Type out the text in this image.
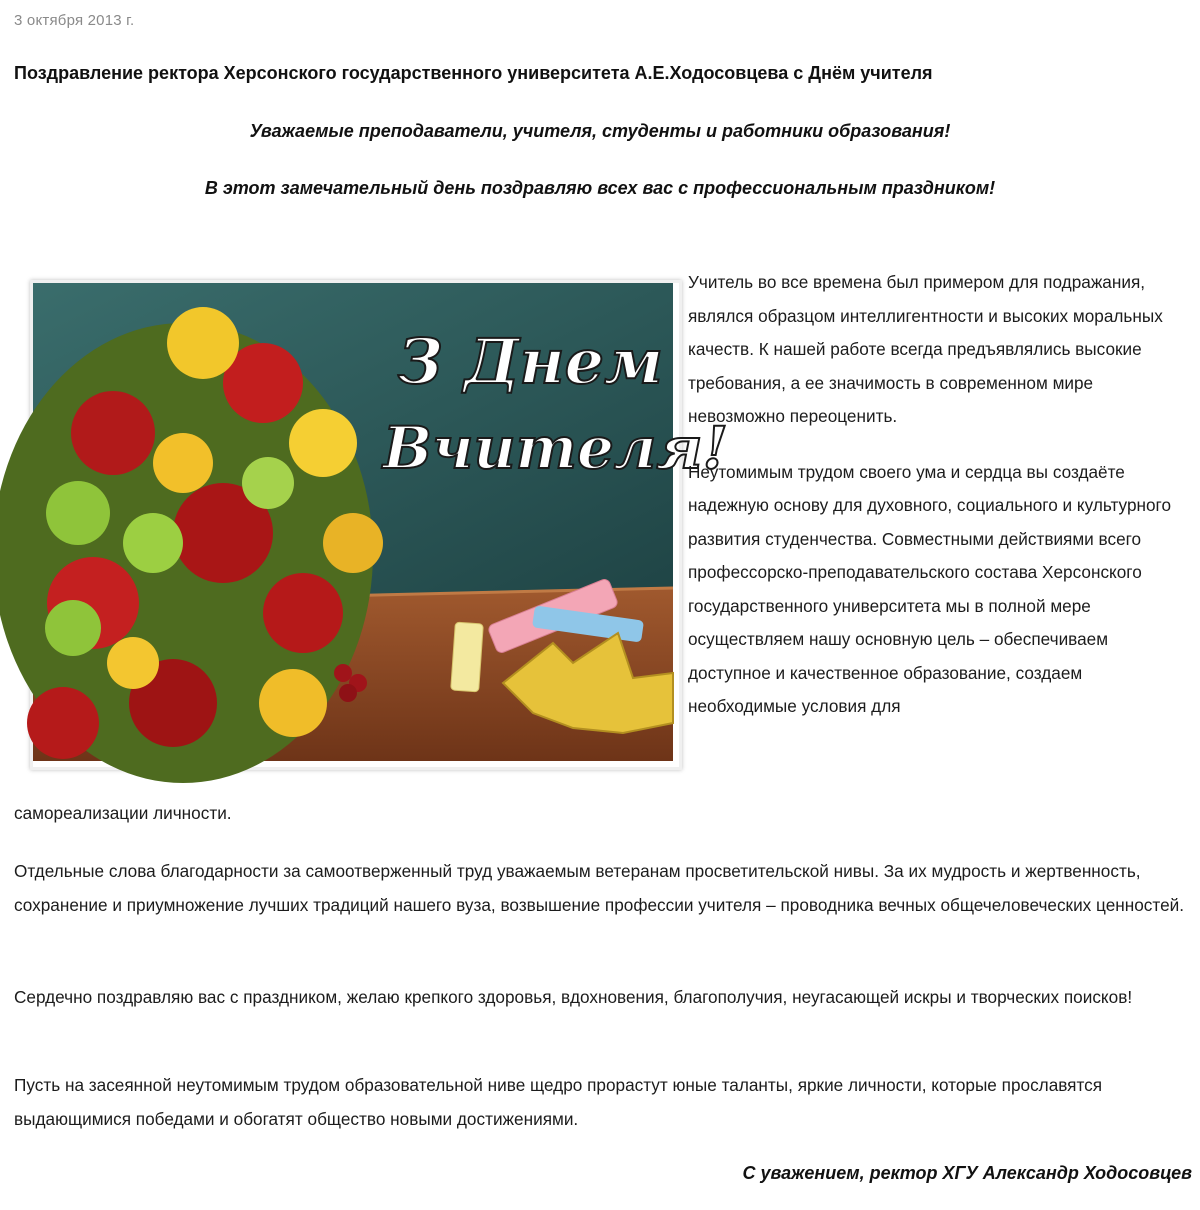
3 октября 2013 г.
Поздравление ректора Херсонского государственного университета А.Е.Ходосовцева с Днём учителя
Уважаемые преподаватели, учителя, студенты и работники образования!
В этот замечательный день поздравляю всех вас с профессиональным праздником!
З Днем
Вчителя!

Учитель во все времена был примером для подражания, являлся образцом интеллигентности и высоких моральных качеств. К нашей работе всегда предъявлялись высокие требования, а ее значимость в современном мире невозможно переоценить.

Неутомимым трудом своего ума и сердца вы создаёте надежную основу для духовного, социального и культурного развития студенчества. Совместными действиями всего профессорско-преподавательского состава Херсонского государственного университета мы в полной мере осуществляем нашу основную цель – обеспечиваем доступное и качественное образование, создаем необходимые условия для

самореализации личности.

Отдельные слова благодарности за самоотверженный труд уважаемым ветеранам просветительской нивы. За их мудрость и жертвенность, сохранение и приумножение лучших традиций нашего вуза, возвышение профессии учителя – проводника вечных общечеловеческих ценностей.

Сердечно поздравляю вас с праздником, желаю крепкого здоровья, вдохновения, благополучия, неугасающей искры и творческих поисков!

Пусть на засеянной неутомимым трудом образовательной ниве щедро прорастут юные таланты, яркие личности, которые прославятся выдающимися победами и обогатят общество новыми достижениями.

С уважением, ректор ХГУ Александр Ходосовцев
